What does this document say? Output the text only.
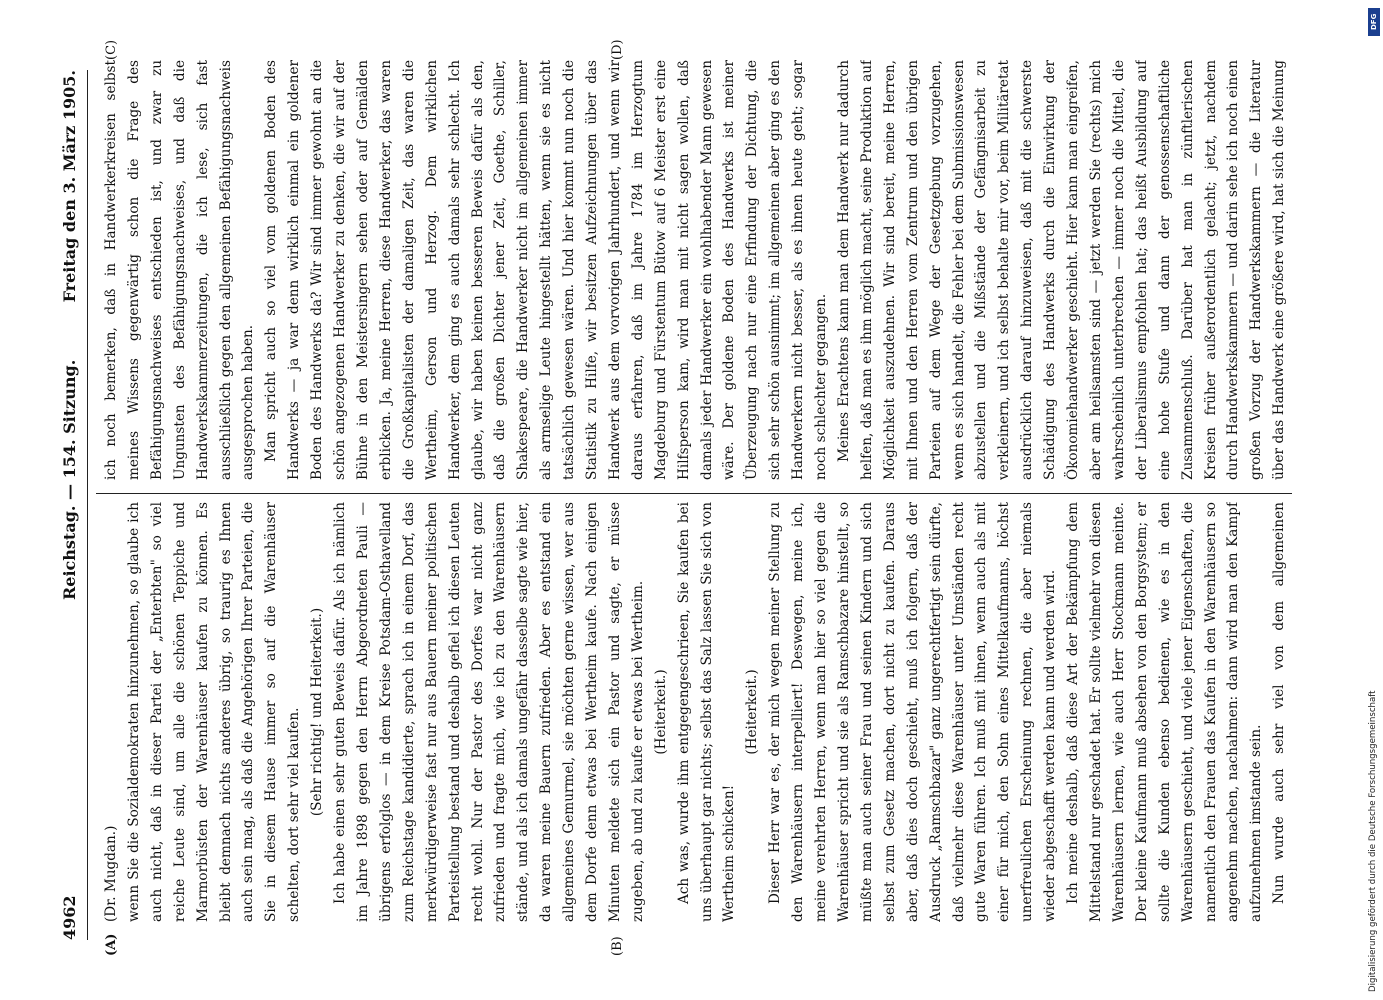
4962
Reichstag. — 154. Sitzung.
Freitag den 3. März 1905.
(A)	(B)
(C)	(D)

(Dr. Mugdan.) wenn Sie die Sozialdemokraten hinzunehmen, so glaube ich auch nicht, daß in dieser Partei der „Enterbten" so viel reiche Leute sind, um alle die schönen Teppiche und Marmorbüsten der Warenhäuser kaufen zu können. Es bleibt demnach nichts anderes übrig, so traurig es Ihnen auch sein mag, als daß die Angehörigen Ihrer Parteien, die Sie in diesem Hause immer so auf die Warenhäuser schelten, dort sehr viel kaufen. (Sehr richtig! und Heiterkeit.) Ich habe einen sehr guten Beweis dafür. Als ich nämlich im Jahre 1898 gegen den Herrn Abgeordneten Pauli — übrigens erfolglos — in dem Kreise Potsdam-Osthavelland zum Reichstage kandidierte, sprach ich in einem Dorf, das merkwürdigerweise fast nur aus Bauern meiner politischen Parteistellung bestand und deshalb gefiel ich diesen Leuten recht wohl. Nur der Pastor des Dorfes war nicht ganz zufrieden und fragte mich, wie ich zu den Warenhäusern stände, und als ich damals ungefähr dasselbe sagte wie hier, da waren meine Bauern zufrieden. Aber es entstand ein allgemeines Gemurmel, sie möchten gerne wissen, wer aus dem Dorfe denn etwas bei Wertheim kaufe. Nach einigen Minuten meldete sich ein Pastor und sagte, er müsse zugeben, ab und zu kaufe er etwas bei Wertheim. (Heiterkeit.) Ach was, wurde ihm entgegengeschrieen, Sie kaufen bei uns überhaupt gar nichts; selbst das Salz lassen Sie sich von Wertheim schicken!

(Heiterkeit.) Dieser Herr war es, der mich wegen meiner Stellung zu den Warenhäusern interpelliert! Deswegen, meine ich, meine verehrten Herren, wenn man hier so viel gegen die Warenhäuser spricht und sie als Ramschbazare hinstellt, so müßte man auch seiner Frau und seinen Kindern und sich selbst zum Gesetz machen, dort nicht zu kaufen. Daraus aber, daß dies doch geschieht, muß ich folgern, daß der Ausdruck „Ramschbazar" ganz ungerechtfertigt sein dürfte, daß vielmehr diese Warenhäuser unter Umständen recht gute Waren führen. Ich muß mit ihnen, wenn auch als mit einer für mich, den Sohn eines Mittelkaufmanns, höchst unerfreulichen Erscheinung rechnen, die aber niemals wieder abgeschafft werden kann und werden wird. Ich meine deshalb, daß diese Art der Bekämpfung dem Mittelstand nur geschadet hat. Er sollte vielmehr von diesen Warenhäusern lernen, wie auch Herr Stockmann meinte. Der kleine Kaufmann muß absehen von den Borgsystem; er sollte die Kunden ebenso bedienen, wie es in den Warenhäusern geschieht, und viele jener Eigenschaften, die namentlich den Frauen das Kaufen in den Warenhäusern so angenehm machen, nachahmen: dann wird man den Kampf aufzunehmen imstande sein. Nun wurde auch sehr viel von dem allgemeinen

ich noch bemerken, daß in Handwerkerkreisen selbst meines Wissens gegenwärtig schon die Frage des Befähigungsnachweises entschieden ist, und zwar zu Ungunsten des Befähigungsnachweises, und daß die Handwerkskammerzeitungen, die ich lese, sich fast ausschließlich gegen den allgemeinen Befähigungsnachweis ausgesprochen haben. Man spricht auch so viel vom goldenen Boden des Handwerks — ja war denn wirklich einmal ein goldener Boden des Handwerks da? Wir sind immer gewohnt an die schön angezogenen Handwerker zu denken, die wir auf der Bühne in den Meistersingern sehen oder auf Gemälden erblicken. Ja, meine Herren, diese Handwerker, das waren die Großkapitalisten der damaligen Zeit, das waren die Wertheim, Gerson und Herzog. Dem wirklichen Handwerker, dem ging es auch damals sehr schlecht. Ich glaube, wir haben keinen besseren Beweis dafür als den, daß die großen Dichter jener Zeit, Goethe, Schiller, Shakespeare, die Handwerker nicht im allgemeinen immer als armselige Leute hingestellt hätten, wenn sie es nicht tatsächlich gewesen wären. Und hier kommt nun noch die Statistik zu Hilfe, wir besitzen Aufzeichnungen über das Handwerk aus dem vorvorigen Jahrhundert, und wenn wir daraus erfahren, daß im Jahre 1784 im Herzogtum Magdeburg und Fürstentum Bütow auf 6 Meister erst eine Hilfsperson kam, wird man mit nicht sagen wollen, daß damals jeder Handwerker ein wohlhabender Mann gewesen wäre. Der goldene Boden des Handwerks ist meiner Überzeugung nach nur eine Erfindung der Dichtung, die sich sehr schön ausnimmt; im allgemeinen aber ging es den Handwerkern nicht besser, als es ihnen heute geht; sogar noch schlechter gegangen. Meines Erachtens kann man dem Handwerk nur dadurch helfen, daß man es ihm möglich macht, seine Produktion auf Möglichkeit auszudehnen. Wir sind bereit, meine Herren, mit Ihnen und den Herren vom Zentrum und den übrigen Parteien auf dem Wege der Gesetzgebung vorzugehen, wenn es sich handelt, die Fehler bei dem Submissionswesen abzustellen und die Mißstände der Gefängnisarbeit zu verkleinern, und ich selbst behalte mir vor, beim Militäretat ausdrücklich darauf hinzuweisen, daß mit die schwerste Schädigung des Handwerks durch die Einwirkung der Ökonomiehandwerker geschieht. Hier kann man eingreifen, aber am heilsamsten sind — jetzt werden Sie (rechts) mich wahrscheinlich unterbrechen — immer noch die Mittel, die der Liberalismus empfohlen hat; das heißt Ausbildung auf eine hohe Stufe und dann der genossenschaftliche Zusammenschluß. Darüber hat man in zünftlerischen Kreisen früher außerordentlich gelacht; jetzt, nachdem durch Handwerkskammern — und darin sehe ich noch einen großen Vorzug der Handwerkskammern — die Literatur über das Handwerk eine größere wird, hat sich die Meinung

DFG
Digitalisierung gefördert durch die Deutsche Forschungsgemeinschaft
